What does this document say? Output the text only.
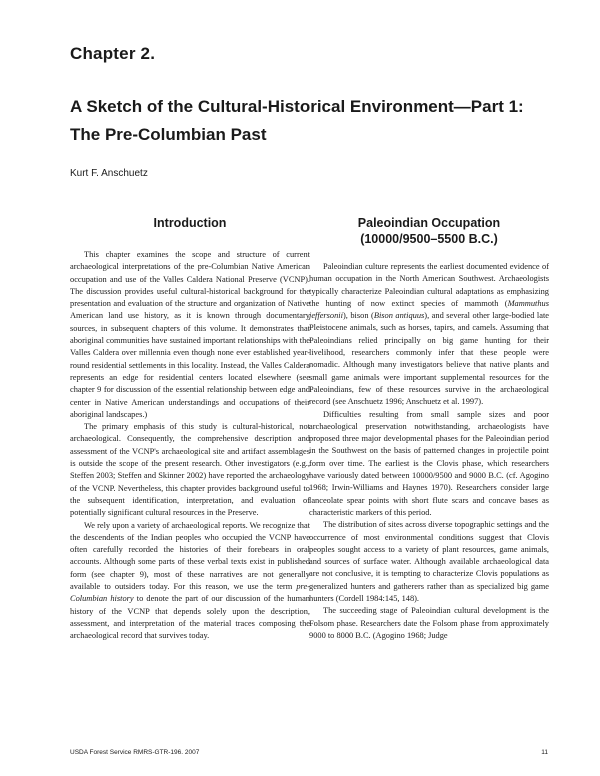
Chapter 2.
A Sketch of the Cultural-Historical Environment—Part 1:
The Pre-Columbian Past
Kurt F. Anschuetz
Introduction

This chapter examines the scope and structure of current archaeological interpretations of the pre-Columbian Native American occupation and use of the Valles Caldera National Preserve (VCNP). The discussion provides useful cultural-historical background for the presentation and evaluation of the structure and organization of Native American land use history, as it is known through documentary sources, in subsequent chapters of this volume. It demonstrates that aboriginal communities have sustained important relationships with the Valles Caldera over millennia even though none ever established year-round residential settlements in this locality. Instead, the Valles Caldera represents an edge for residential centers located elsewhere (see chapter 9 for discussion of the essential relationship between edge and center in Native American understandings and occupations of their aboriginal landscapes.)

The primary emphasis of this study is cultural-historical, not archaeological. Consequently, the comprehensive description and assessment of the VCNP's archaeological site and artifact assemblages is outside the scope of the present research. Other investigators (e.g., Steffen 2003; Steffen and Skinner 2002) have reported the archaeology of the VCNP. Nevertheless, this chapter provides background useful to the subsequent identification, interpretation, and evaluation of potentially significant cultural resources in the Preserve.

We rely upon a variety of archaeological reports. We recognize that the descendents of the Indian peoples who occupied the VCNP have often carefully recorded the histories of their forebears in oral accounts. Although some parts of these verbal texts exist in published form (see chapter 9), most of these narratives are not generally available to outsiders today. For this reason, we use the term pre-Columbian history to denote the part of our discussion of the human history of the VCNP that depends solely upon the description, assessment, and interpretation of the material traces composing the archaeological record that survives today.

Paleoindian Occupation
(10000/9500–5500 B.C.)

Paleoindian culture represents the earliest documented evidence of human occupation in the North American Southwest. Archaeologists typically characterize Paleoindian cultural adaptations as emphasizing the hunting of now extinct species of mammoth (Mammuthus jeffersonii), bison (Bison antiquus), and several other large-bodied late Pleistocene animals, such as horses, tapirs, and camels. Assuming that Paleoindians relied principally on big game hunting for their livelihood, researchers commonly infer that these people were nomadic. Although many investigators believe that native plants and small game animals were important supplemental resources for the Paleoindians, few of these resources survive in the archaeological record (see Anschuetz 1996; Anschuetz et al. 1997).

Difficulties resulting from small sample sizes and poor archaeological preservation notwithstanding, archaeologists have proposed three major developmental phases for the Paleoindian period in the Southwest on the basis of patterned changes in projectile point form over time. The earliest is the Clovis phase, which researchers have variously dated between 10000/9500 and 9000 B.C. (cf. Agogino 1968; Irwin-Williams and Haynes 1970). Researchers consider large lanceolate spear points with short flute scars and concave bases as characteristic markers of this period.

The distribution of sites across diverse topographic settings and the occurrence of most environmental conditions suggest that Clovis peoples sought access to a variety of plant resources, game animals, and sources of surface water. Although available archaeological data are not conclusive, it is tempting to characterize Clovis populations as generalized hunters and gatherers rather than as specialized big game hunters (Cordell 1984:145, 148).

The succeeding stage of Paleoindian cultural development is the Folsom phase. Researchers date the Folsom phase from approximately 9000 to 8000 B.C. (Agogino 1968; Judge

USDA Forest Service RMRS-GTR-196. 2007	11
